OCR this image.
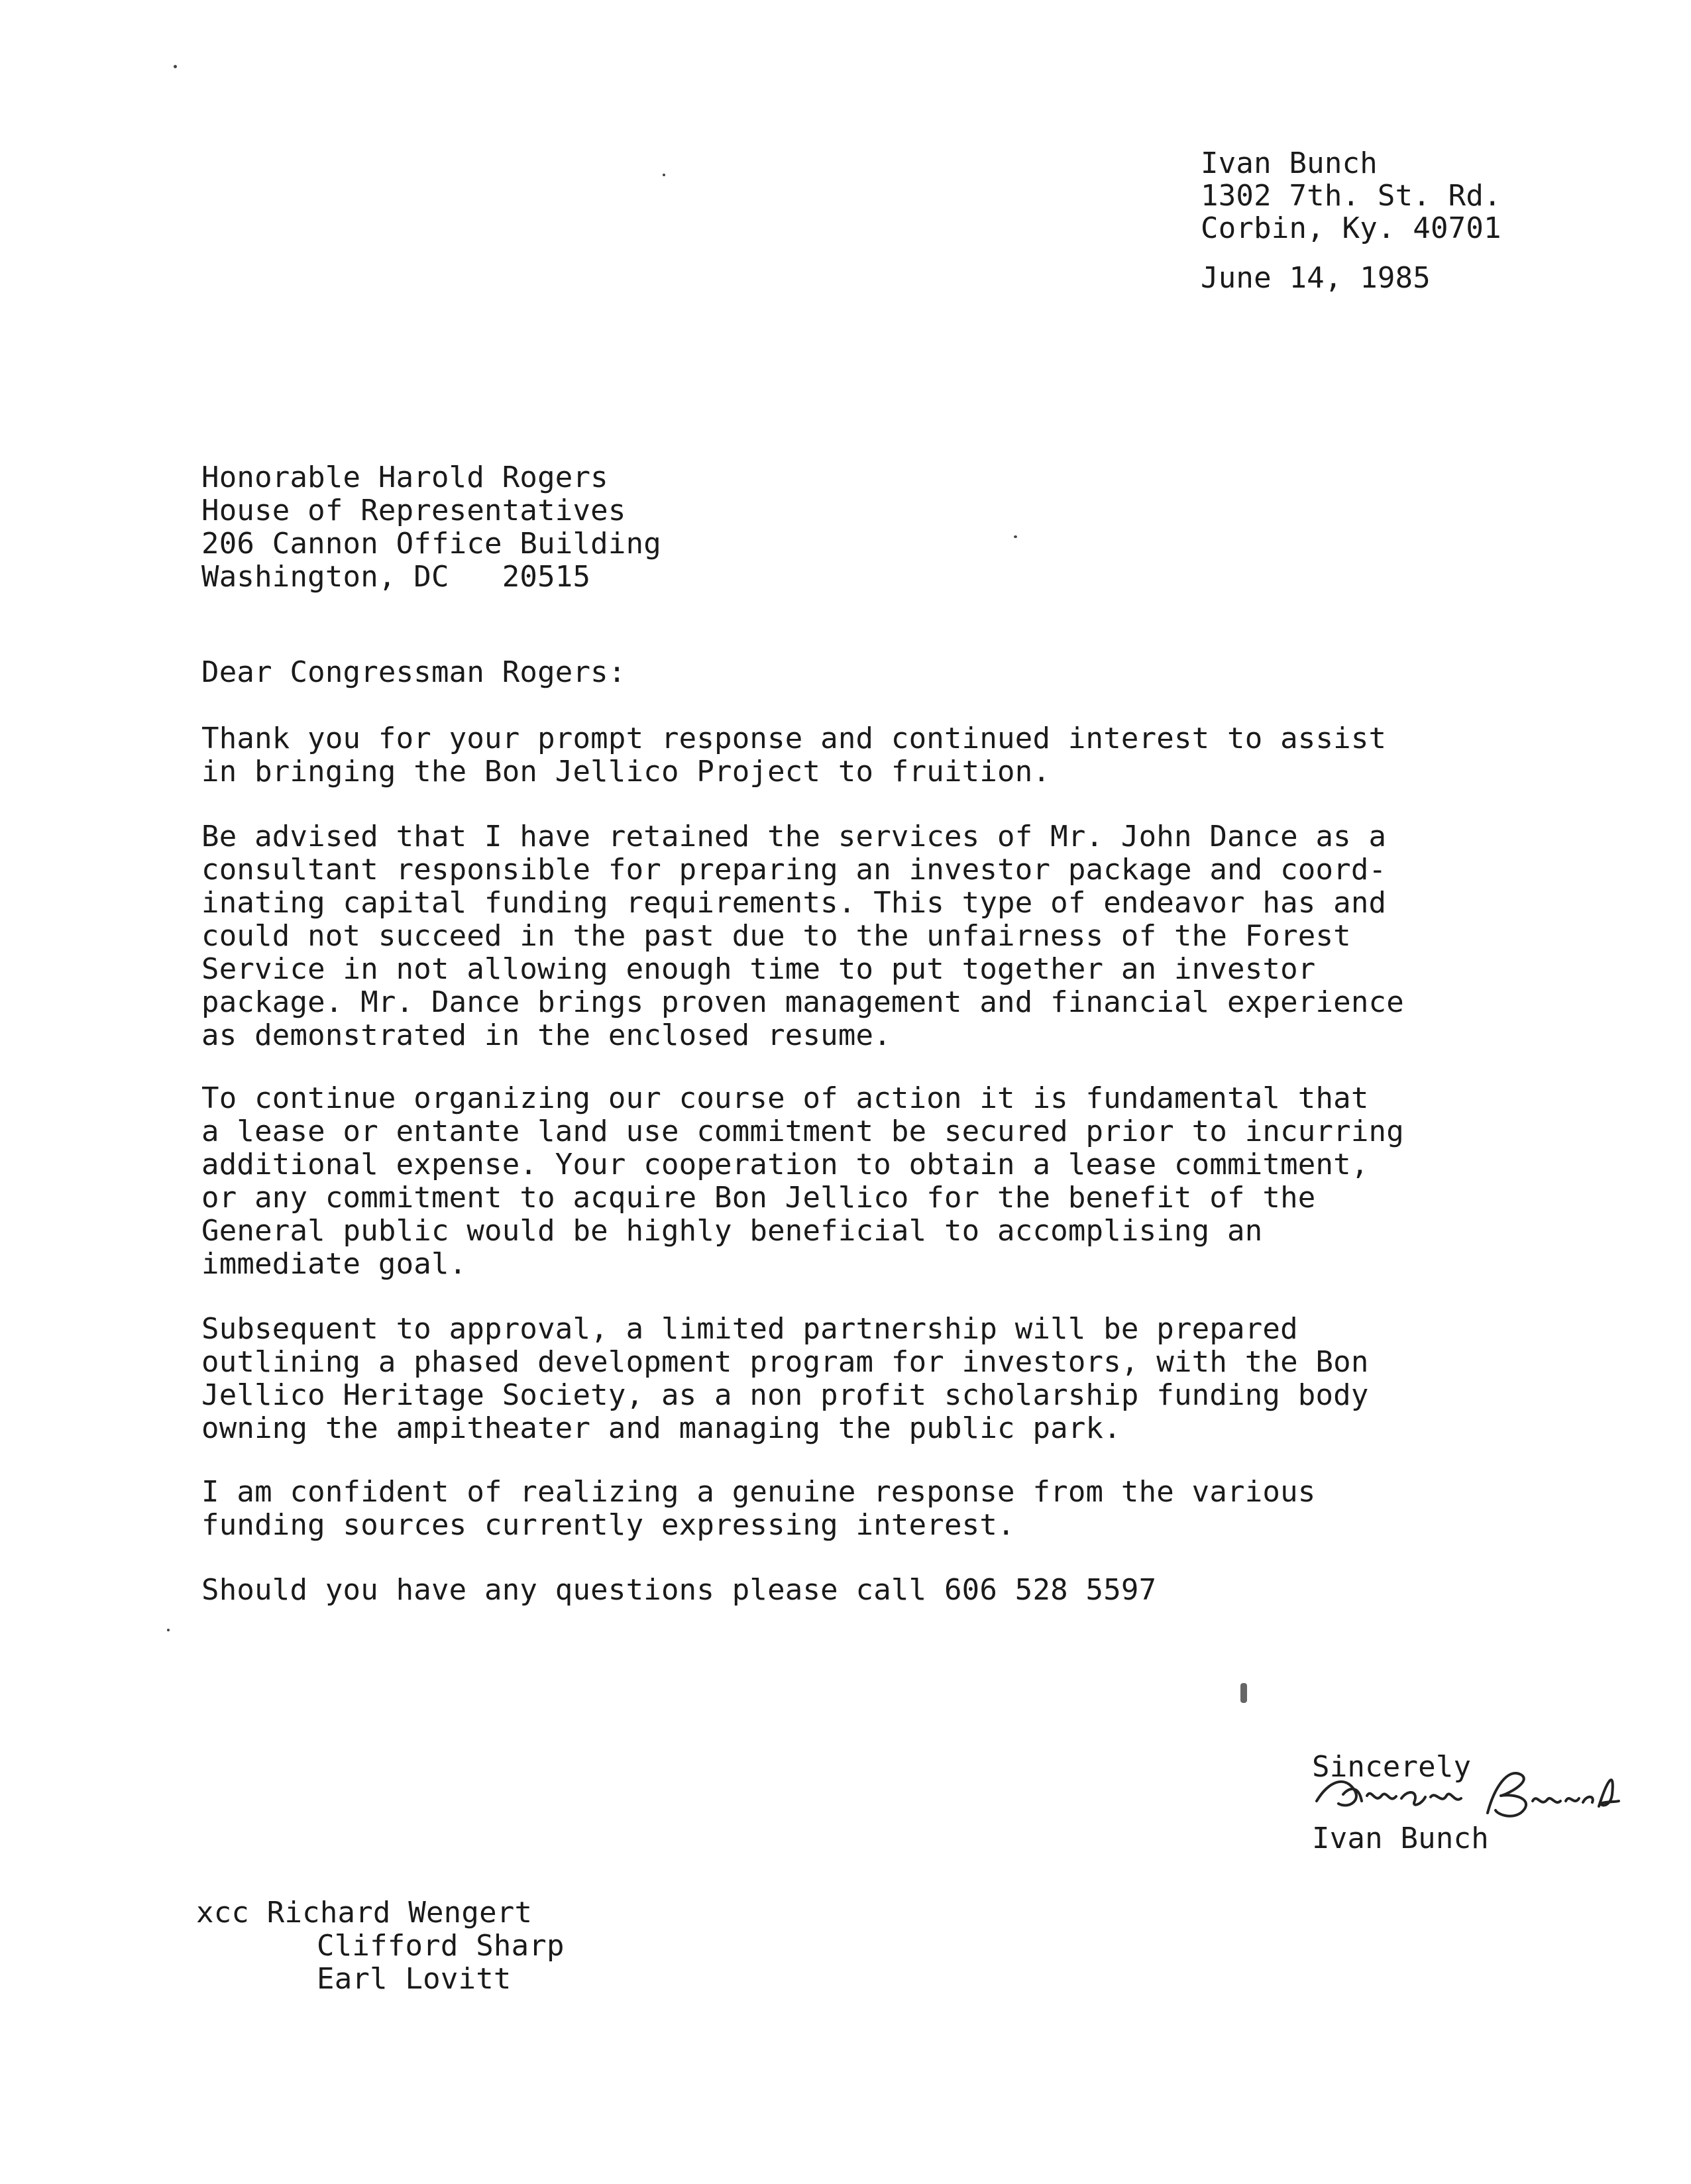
Ivan Bunch
1302 7th. St. Rd.
Corbin, Ky. 40701
June 14, 1985
Honorable Harold Rogers
House of Representatives
206 Cannon Office Building
Washington, DC   20515
Dear Congressman Rogers:
Thank you for your prompt response and continued interest to assist
in bringing the Bon Jellico Project to fruition.
Be advised that I have retained the services of Mr. John Dance as a
consultant responsible for preparing an investor package and coord-
inating capital funding requirements. This type of endeavor has and
could not succeed in the past due to the unfairness of the Forest
Service in not allowing enough time to put together an investor
package. Mr. Dance brings proven management and financial experience
as demonstrated in the enclosed resume.
To continue organizing our course of action it is fundamental that
a lease or entante land use commitment be secured prior to incurring
additional expense. Your cooperation to obtain a lease commitment,
or any commitment to acquire Bon Jellico for the benefit of the
General public would be highly beneficial to accomplising an
immediate goal.
Subsequent to approval, a limited partnership will be prepared
outlining a phased development program for investors, with the Bon
Jellico Heritage Society, as a non profit scholarship funding body
owning the ampitheater and managing the public park.
I am confident of realizing a genuine response from the various
funding sources currently expressing interest.
Should you have any questions please call 606 528 5597
Sincerely

Ivan Bunch
xcc Richard Wengert
Clifford Sharp
Earl Lovitt
